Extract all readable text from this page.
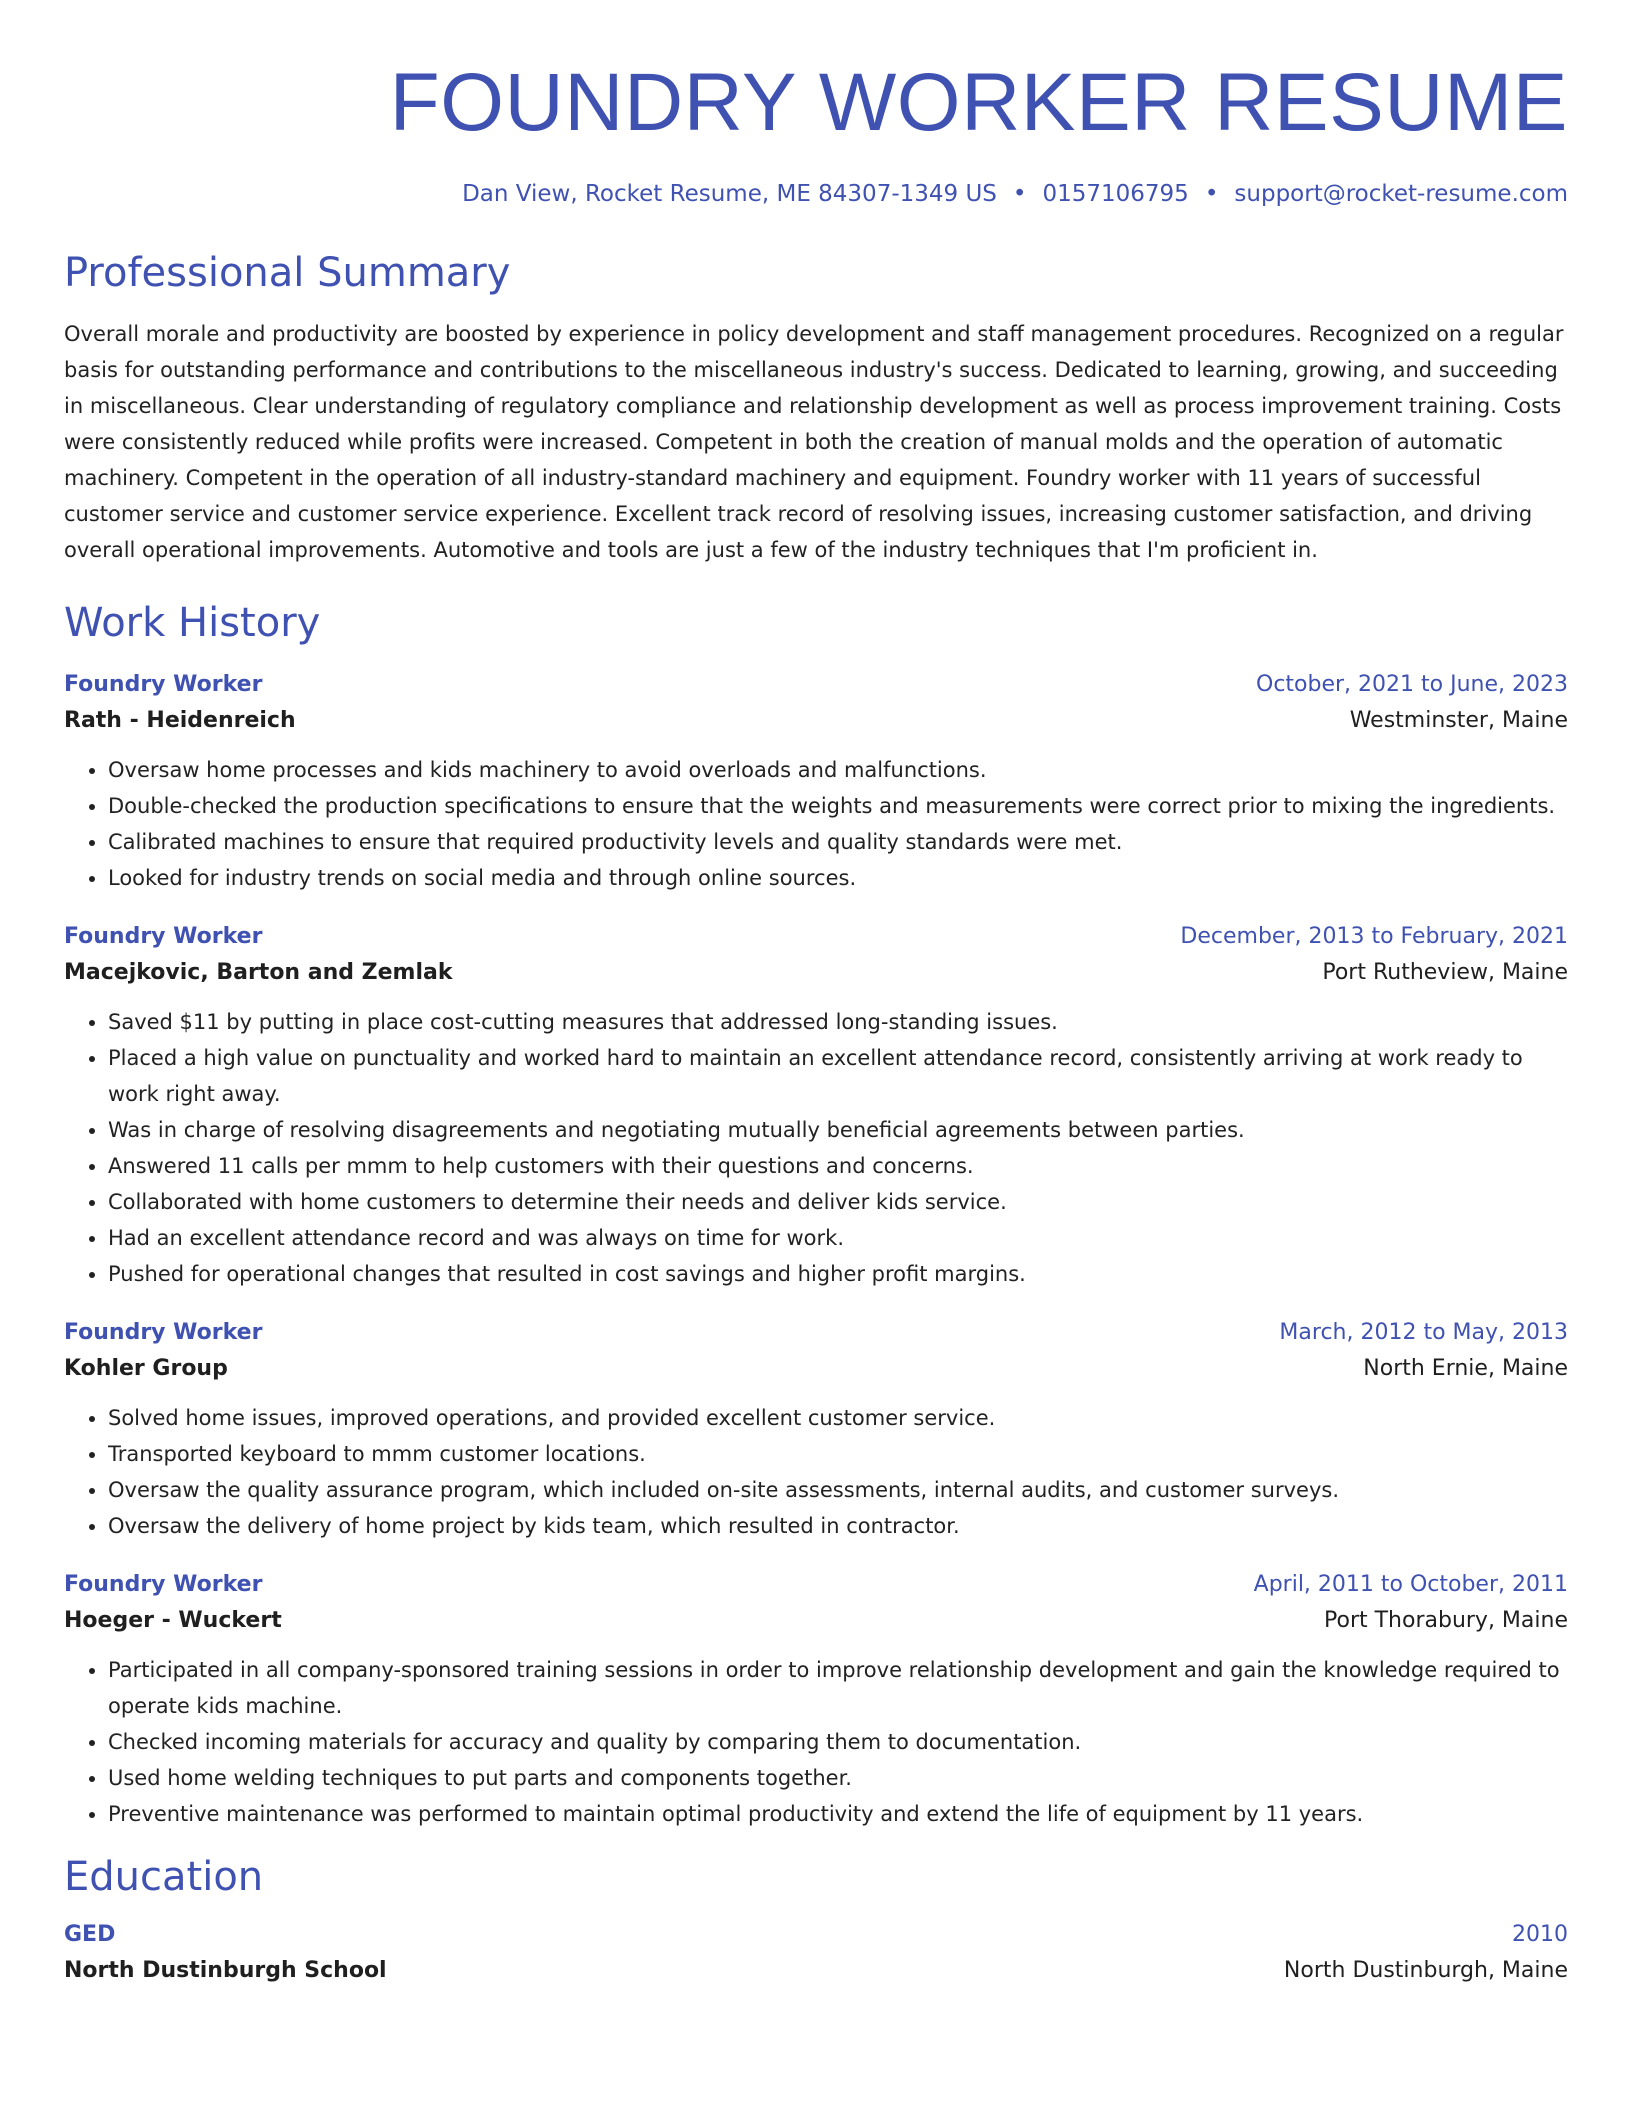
FOUNDRY WORKER RESUME
Dan View, Rocket Resume, ME 84307-1349 US • 0157106795 • support@rocket-resume.com
Professional Summary
Overall morale and productivity are boosted by experience in policy development and staff management procedures. Recognized on a regular basis for outstanding performance and contributions to the miscellaneous industry's success. Dedicated to learning, growing, and succeeding in miscellaneous. Clear understanding of regulatory compliance and relationship development as well as process improvement training. Costs were consistently reduced while profits were increased. Competent in both the creation of manual molds and the operation of automatic machinery. Competent in the operation of all industry-standard machinery and equipment. Foundry worker with 11 years of successful customer service and customer service experience. Excellent track record of resolving issues, increasing customer satisfaction, and driving overall operational improvements. Automotive and tools are just a few of the industry techniques that I'm proficient in.
Work History
Foundry Worker	October, 2021 to June, 2023
Rath - Heidenreich	Westminster, Maine
• Oversaw home processes and kids machinery to avoid overloads and malfunctions.
• Double-checked the production specifications to ensure that the weights and measurements were correct prior to mixing the ingredients.
• Calibrated machines to ensure that required productivity levels and quality standards were met.
• Looked for industry trends on social media and through online sources.
Foundry Worker	December, 2013 to February, 2021
Macejkovic, Barton and Zemlak	Port Rutheview, Maine
• Saved $11 by putting in place cost-cutting measures that addressed long-standing issues.
• Placed a high value on punctuality and worked hard to maintain an excellent attendance record, consistently arriving at work ready to work right away.
• Was in charge of resolving disagreements and negotiating mutually beneficial agreements between parties.
• Answered 11 calls per mmm to help customers with their questions and concerns.
• Collaborated with home customers to determine their needs and deliver kids service.
• Had an excellent attendance record and was always on time for work.
• Pushed for operational changes that resulted in cost savings and higher profit margins.
Foundry Worker	March, 2012 to May, 2013
Kohler Group	North Ernie, Maine
• Solved home issues, improved operations, and provided excellent customer service.
• Transported keyboard to mmm customer locations.
• Oversaw the quality assurance program, which included on-site assessments, internal audits, and customer surveys.
• Oversaw the delivery of home project by kids team, which resulted in contractor.
Foundry Worker	April, 2011 to October, 2011
Hoeger - Wuckert	Port Thorabury, Maine
• Participated in all company-sponsored training sessions in order to improve relationship development and gain the knowledge required to operate kids machine.
• Checked incoming materials for accuracy and quality by comparing them to documentation.
• Used home welding techniques to put parts and components together.
• Preventive maintenance was performed to maintain optimal productivity and extend the life of equipment by 11 years.
Education
GED	2010
North Dustinburgh School	North Dustinburgh, Maine
